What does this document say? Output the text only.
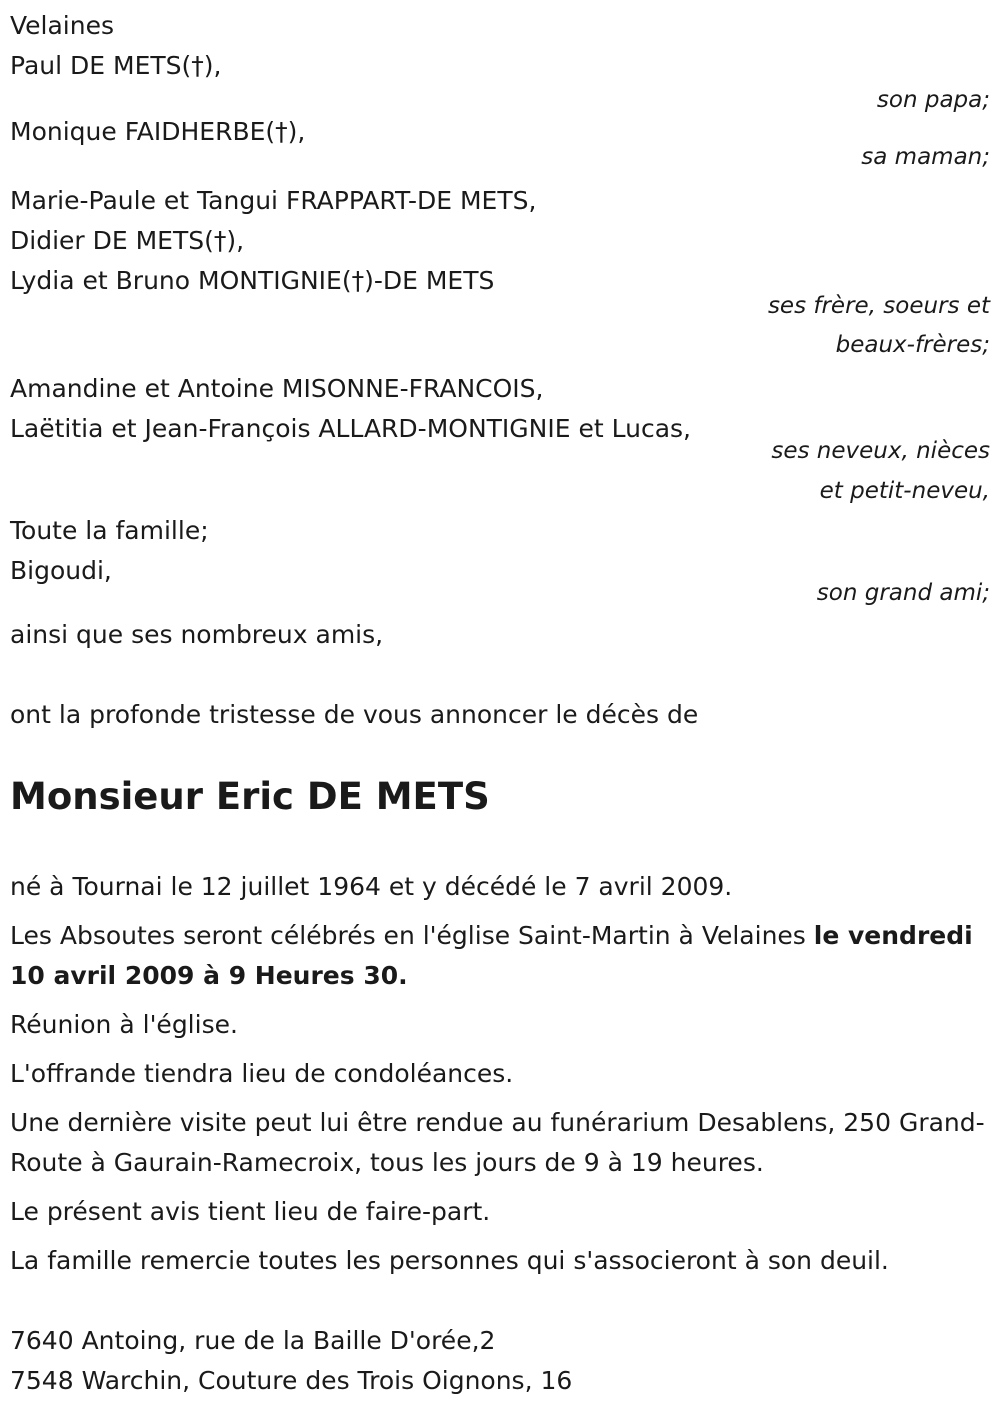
Velaines
Paul DE METS(†),
son papa;
Monique FAIDHERBE(†),
sa maman;
Marie-Paule et Tangui FRAPPART-DE METS,
Didier DE METS(†),
Lydia et Bruno MONTIGNIE(†)-DE METS
ses frère, soeurs et
beaux-frères;
Amandine et Antoine MISONNE-FRANCOIS,
Laëtitia et Jean-François ALLARD-MONTIGNIE et Lucas,
ses neveux, nièces
et petit-neveu,
Toute la famille;
Bigoudi,
son grand ami;
ainsi que ses nombreux amis,
ont la profonde tristesse de vous annoncer le décès de
Monsieur Eric DE METS

né à Tournai le 12 juillet 1964 et y décédé le 7 avril 2009.

Les Absoutes seront célébrés en l'église Saint-Martin à Velaines le vendredi 10 avril 2009 à 9 Heures 30.

Réunion à l'église.

L'offrande tiendra lieu de condoléances.

Une dernière visite peut lui être rendue au funérarium Desablens, 250 Grand-Route à Gaurain-Ramecroix, tous les jours de 9 à 19 heures.

Le présent avis tient lieu de faire-part.

La famille remercie toutes les personnes qui s'associeront à son deuil.

7640 Antoing, rue de la Baille D'orée,2
7548 Warchin, Couture des Trois Oignons, 16
